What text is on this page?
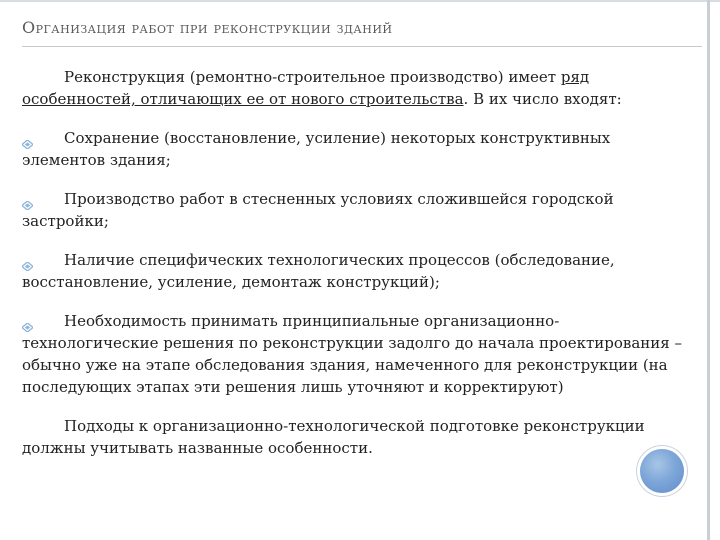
Организация работ при реконструкции зданий

Реконструкция (ремонтно-строительное производство) имеет ряд особенностей, отличающих ее от нового строительства. В их число входят:

Сохранение (восстановление, усиление) некоторых конструктивных элементов здания;

Производство работ в стесненных условиях сложившейся городской застройки;

Наличие специфических технологических процессов (обследование, восстановление, усиление, демонтаж конструкций);

Необходимость принимать принципиальные организационно-технологические решения по реконструкции задолго до начала проектирования – обычно уже на этапе обследования здания, намеченного для реконструкции (на последующих этапах эти решения лишь уточняют и корректируют)

Подходы к организационно-технологической подготовке реконструкции должны учитывать названные особенности.
